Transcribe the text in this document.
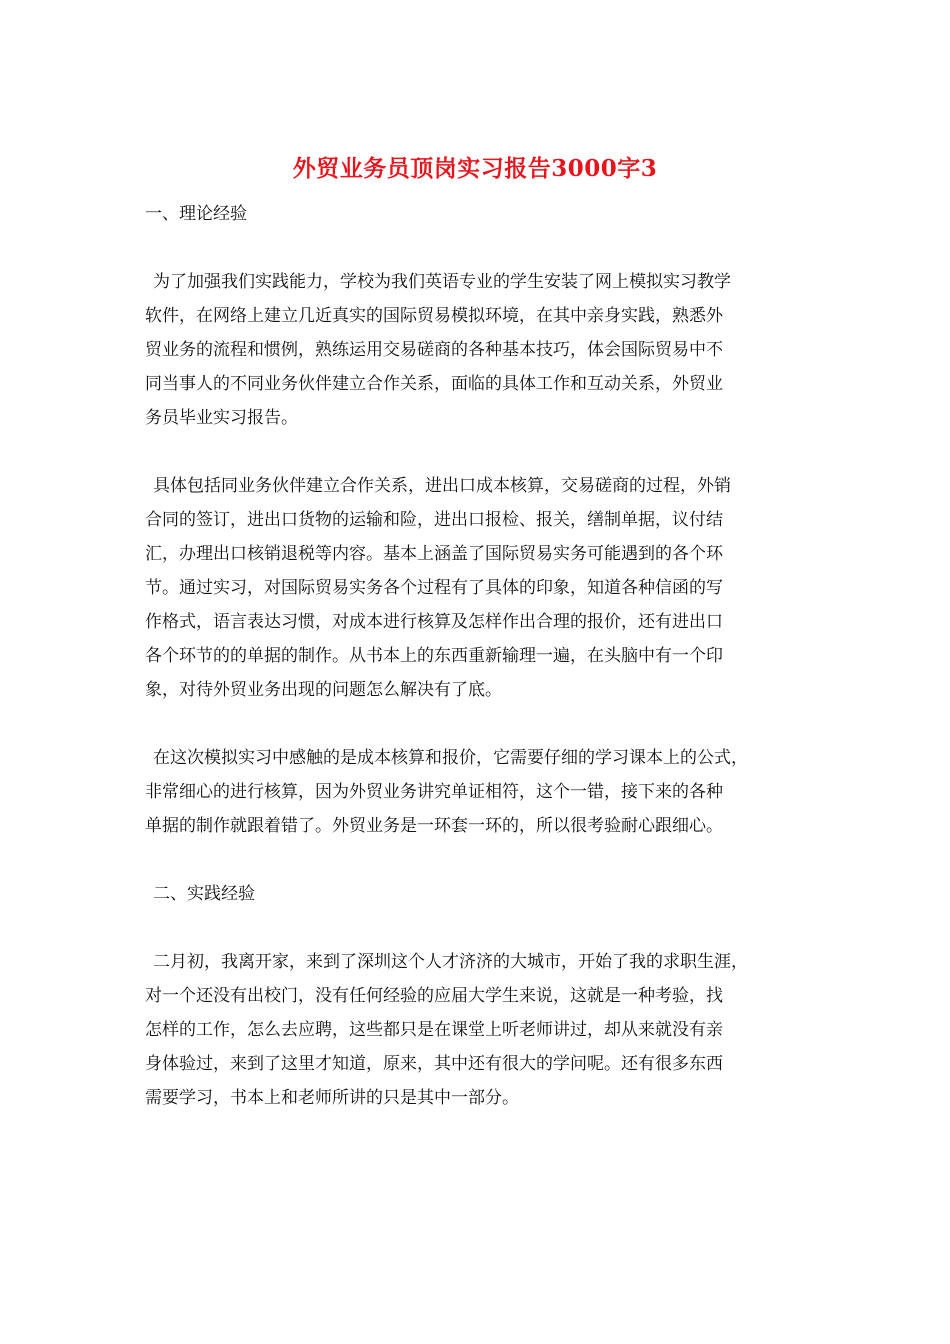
外贸业务员顶岗实习报告3000字3
一、理论经验
为了加强我们实践能力，学校为我们英语专业的学生安装了网上模拟实习教学
软件，在网络上建立几近真实的国际贸易模拟环境，在其中亲身实践，熟悉外
贸业务的流程和惯例，熟练运用交易磋商的各种基本技巧，体会国际贸易中不
同当事人的不同业务伙伴建立合作关系，面临的具体工作和互动关系，外贸业
务员毕业实习报告。
具体包括同业务伙伴建立合作关系，进出口成本核算，交易磋商的过程，外销
合同的签订，进出口货物的运输和险，进出口报检、报关，缮制单据，议付结
汇，办理出口核销退税等内容。基本上涵盖了国际贸易实务可能遇到的各个环
节。通过实习，对国际贸易实务各个过程有了具体的印象，知道各种信函的写
作格式，语言表达习惯，对成本进行核算及怎样作出合理的报价，还有进出口
各个环节的的单据的制作。从书本上的东西重新输理一遍，在头脑中有一个印
象，对待外贸业务出现的问题怎么解决有了底。
在这次模拟实习中感触的是成本核算和报价，它需要仔细的学习课本上的公式，
非常细心的进行核算，因为外贸业务讲究单证相符，这个一错，接下来的各种
单据的制作就跟着错了。外贸业务是一环套一环的，所以很考验耐心跟细心。
二、实践经验
二月初，我离开家，来到了深圳这个人才济济的大城市，开始了我的求职生涯，
对一个还没有出校门，没有任何经验的应届大学生来说，这就是一种考验，找
怎样的工作，怎么去应聘，这些都只是在课堂上听老师讲过，却从来就没有亲
身体验过，来到了这里才知道，原来，其中还有很大的学问呢。还有很多东西
需要学习，书本上和老师所讲的只是其中一部分。
